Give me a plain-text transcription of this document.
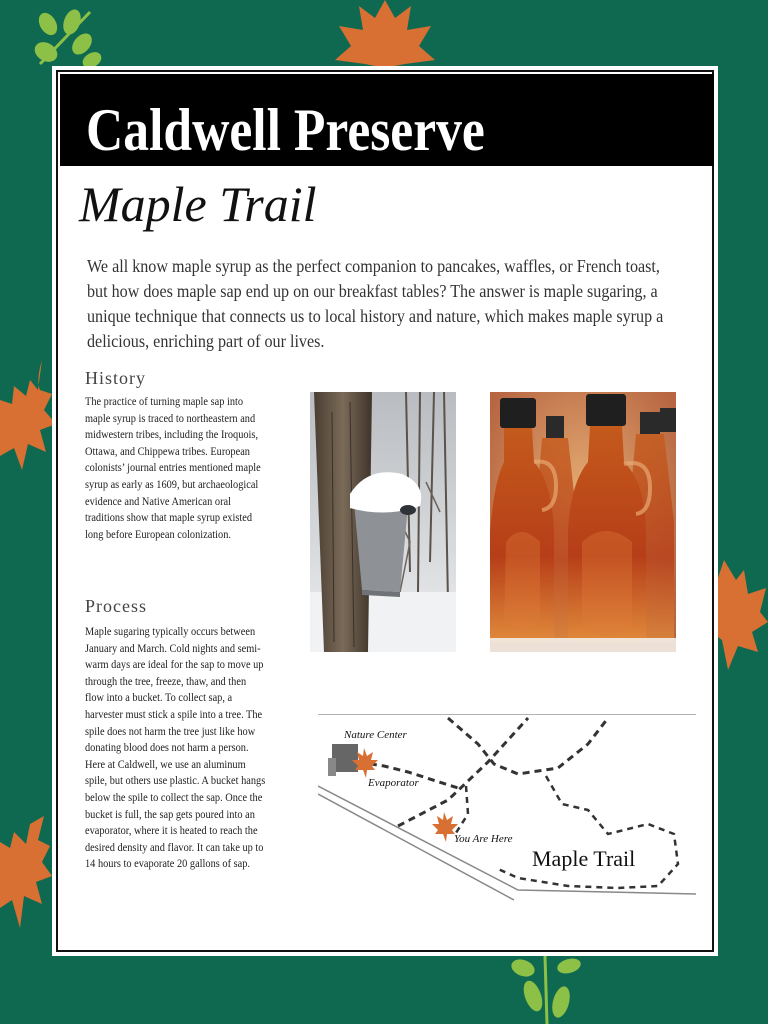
Caldwell Preserve
Maple Trail
We all know maple syrup as the perfect companion to pancakes, waffles, or French toast, but how does maple sap end up on our breakfast tables? The answer is maple sugaring, a unique technique that connects us to local history and nature, which makes maple syrup a delicious, enriching part of our lives.
History
The practice of turning maple sap into
maple syrup is traced to northeastern and
midwestern tribes, including the Iroquois,
Ottawa, and Chippewa tribes. European
colonists’ journal entries mentioned maple
syrup as early as 1609, but archaeological
evidence and Native American oral
traditions show that maple syrup existed
long before European colonization.
Process
Maple sugaring typically occurs between
January and March. Cold nights and semi-
warm days are ideal for the sap to move up
through the tree, freeze, thaw, and then
flow into a bucket. To collect sap, a
harvester must stick a spile into a tree. The
spile does not harm the tree just like how
donating blood does not harm a person.
Here at Caldwell, we use an aluminum
spile, but others use plastic. A bucket hangs
below the spile to collect the sap. Once the
bucket is full, the sap gets poured into an
evaporator, where it is heated to reach the
desired density and flavor. It can take up to
14 hours to evaporate 20 gallons of sap.
Nature Center
Evaporator
You Are Here
Maple Trail
